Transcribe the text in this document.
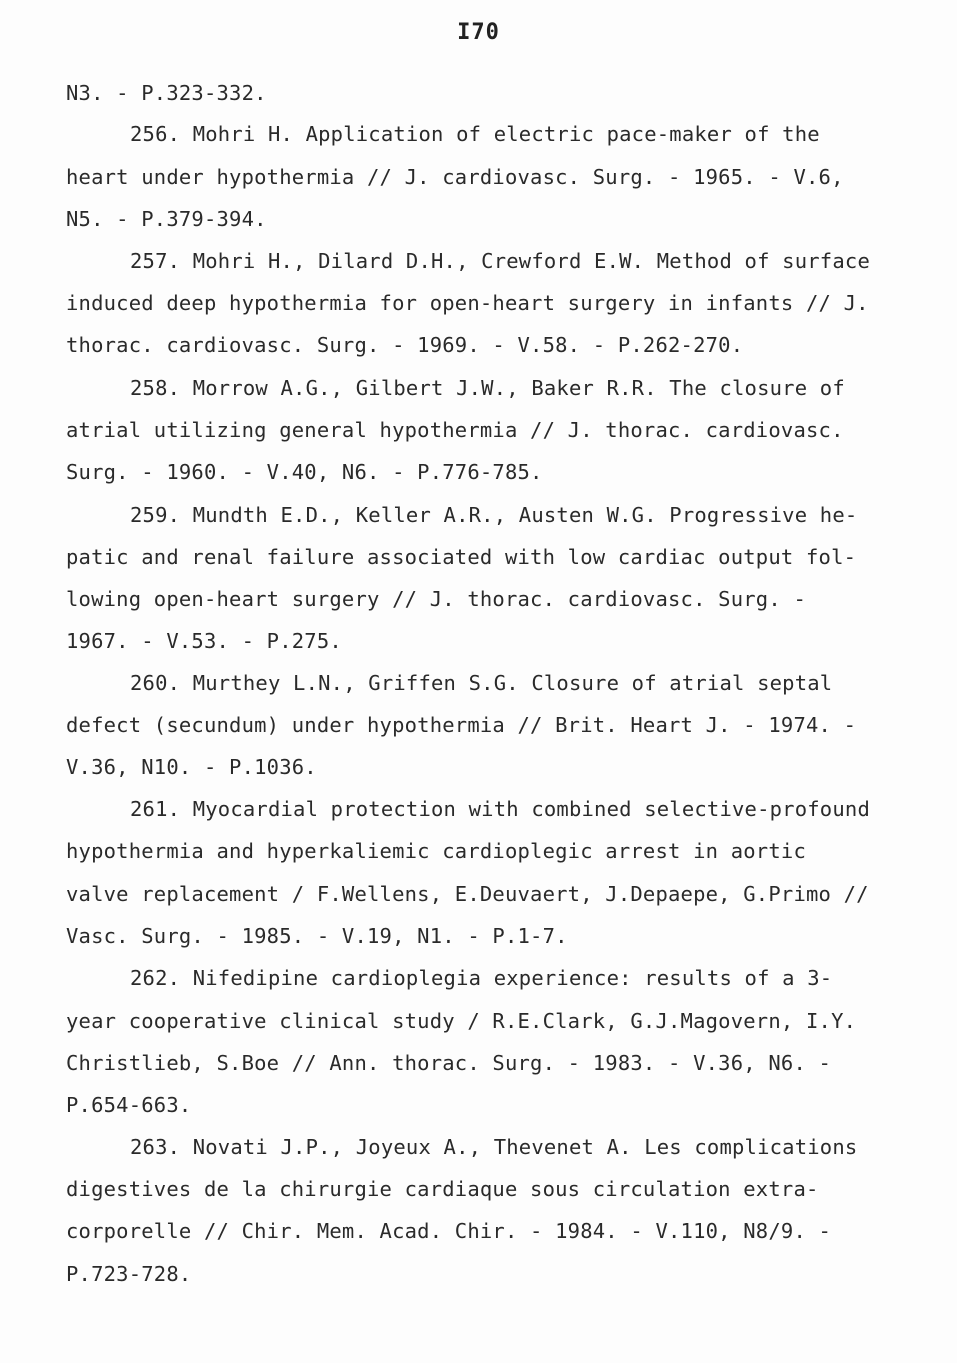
I70
N3. - P.323-332.
256. Mohri H. Application of electric pace-maker of the
heart under hypothermia // J. cardiovasc. Surg. - 1965. - V.6,
N5. - P.379-394.
257. Mohri H., Dilard D.H., Crewford E.W. Method of surface
induced deep hypothermia for open-heart surgery in infants // J.
thorac. cardiovasc. Surg. - 1969. - V.58. - P.262-270.
258. Morrow A.G., Gilbert J.W., Baker R.R. The closure of
atrial utilizing general hypothermia // J. thorac. cardiovasc.
Surg. - 1960. - V.40, N6. - P.776-785.
259. Mundth E.D., Keller A.R., Austen W.G. Progressive he-
patic and renal failure associated with low cardiac output fol-
lowing open-heart surgery // J. thorac. cardiovasc. Surg. -
1967. - V.53. - P.275.
260. Murthey L.N., Griffen S.G. Closure of atrial septal
defect (secundum) under hypothermia // Brit. Heart J. - 1974. -
V.36, N10. - P.1036.
261. Myocardial protection with combined selective-profound
hypothermia and hyperkaliemic cardioplegic arrest in aortic
valve replacement / F.Wellens, E.Deuvaert, J.Depaepe, G.Primo //
Vasc. Surg. - 1985. - V.19, N1. - P.1-7.
262. Nifedipine cardioplegia experience: results of a 3-
year cooperative clinical study / R.E.Clark, G.J.Magovern, I.Y.
Christlieb, S.Boe // Ann. thorac. Surg. - 1983. - V.36, N6. -
P.654-663.
263. Novati J.P., Joyeux A., Thevenet A. Les complications
digestives de la chirurgie cardiaque sous circulation extra-
corporelle // Chir. Mem. Acad. Chir. - 1984. - V.110, N8/9. -
P.723-728.
